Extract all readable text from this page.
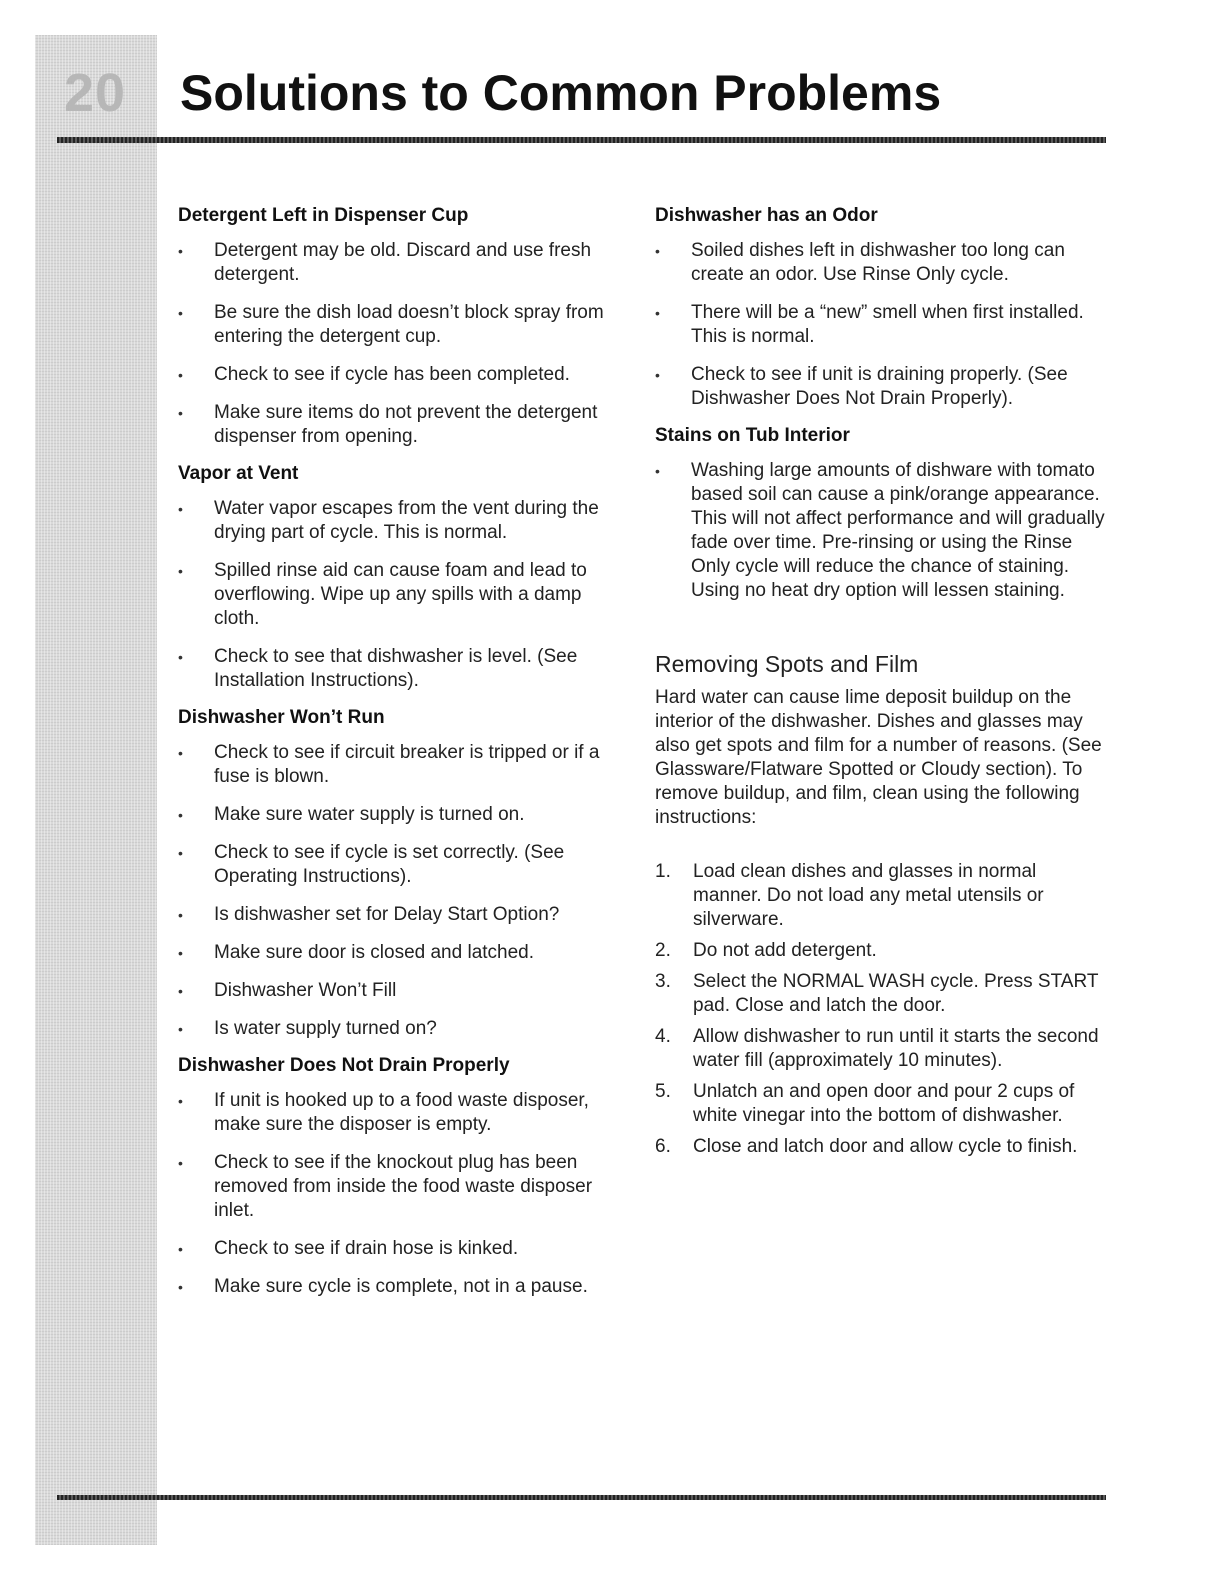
20 Solutions to Common Problems
Detergent Left in Dispenser Cup
• Detergent may be old. Discard and use fresh detergent.
• Be sure the dish load doesn’t block spray from entering the detergent cup.
• Check to see if cycle has been completed.
• Make sure items do not prevent the detergent dispenser from opening.
Vapor at Vent
• Water vapor escapes from the vent during the drying part of cycle. This is normal.
• Spilled rinse aid can cause foam and lead to overflowing. Wipe up any spills with a damp cloth.
• Check to see that dishwasher is level. (See Installation Instructions).
Dishwasher Won’t Run
• Check to see if circuit breaker is tripped or if a fuse is blown.
• Make sure water supply is turned on.
• Check to see if cycle is set correctly. (See Operating Instructions).
• Is dishwasher set for Delay Start Option?
• Make sure door is closed and latched.
• Dishwasher Won’t Fill
• Is water supply turned on?
Dishwasher Does Not Drain Properly
• If unit is hooked up to a food waste disposer, make sure the disposer is empty.
• Check to see if the knockout plug has been removed from inside the food waste disposer inlet.
• Check to see if drain hose is kinked.
• Make sure cycle is complete, not in a pause.
Dishwasher has an Odor
• Soiled dishes left in dishwasher too long can create an odor. Use Rinse Only cycle.
• There will be a “new” smell when first installed. This is normal.
• Check to see if unit is draining properly. (See Dishwasher Does Not Drain Properly).
Stains on Tub Interior
• Washing large amounts of dishware with tomato based soil can cause a pink/orange appearance. This will not affect performance and will gradually fade over time. Pre-rinsing or using the Rinse Only cycle will reduce the chance of staining. Using no heat dry option will lessen staining.
Removing Spots and Film

Hard water can cause lime deposit buildup on the interior of the dishwasher. Dishes and glasses may also get spots and film for a number of reasons. (See Glassware/Flatware Spotted or Cloudy section). To remove buildup, and film, clean using the following instructions:

1. Load clean dishes and glasses in normal manner. Do not load any metal utensils or silverware.
2. Do not add detergent.
3. Select the NORMAL WASH cycle. Press START pad. Close and latch the door.
4. Allow dishwasher to run until it starts the second water fill (approximately 10 minutes).
5. Unlatch an and open door and pour 2 cups of white vinegar into the bottom of dishwasher.
6. Close and latch door and allow cycle to finish.
